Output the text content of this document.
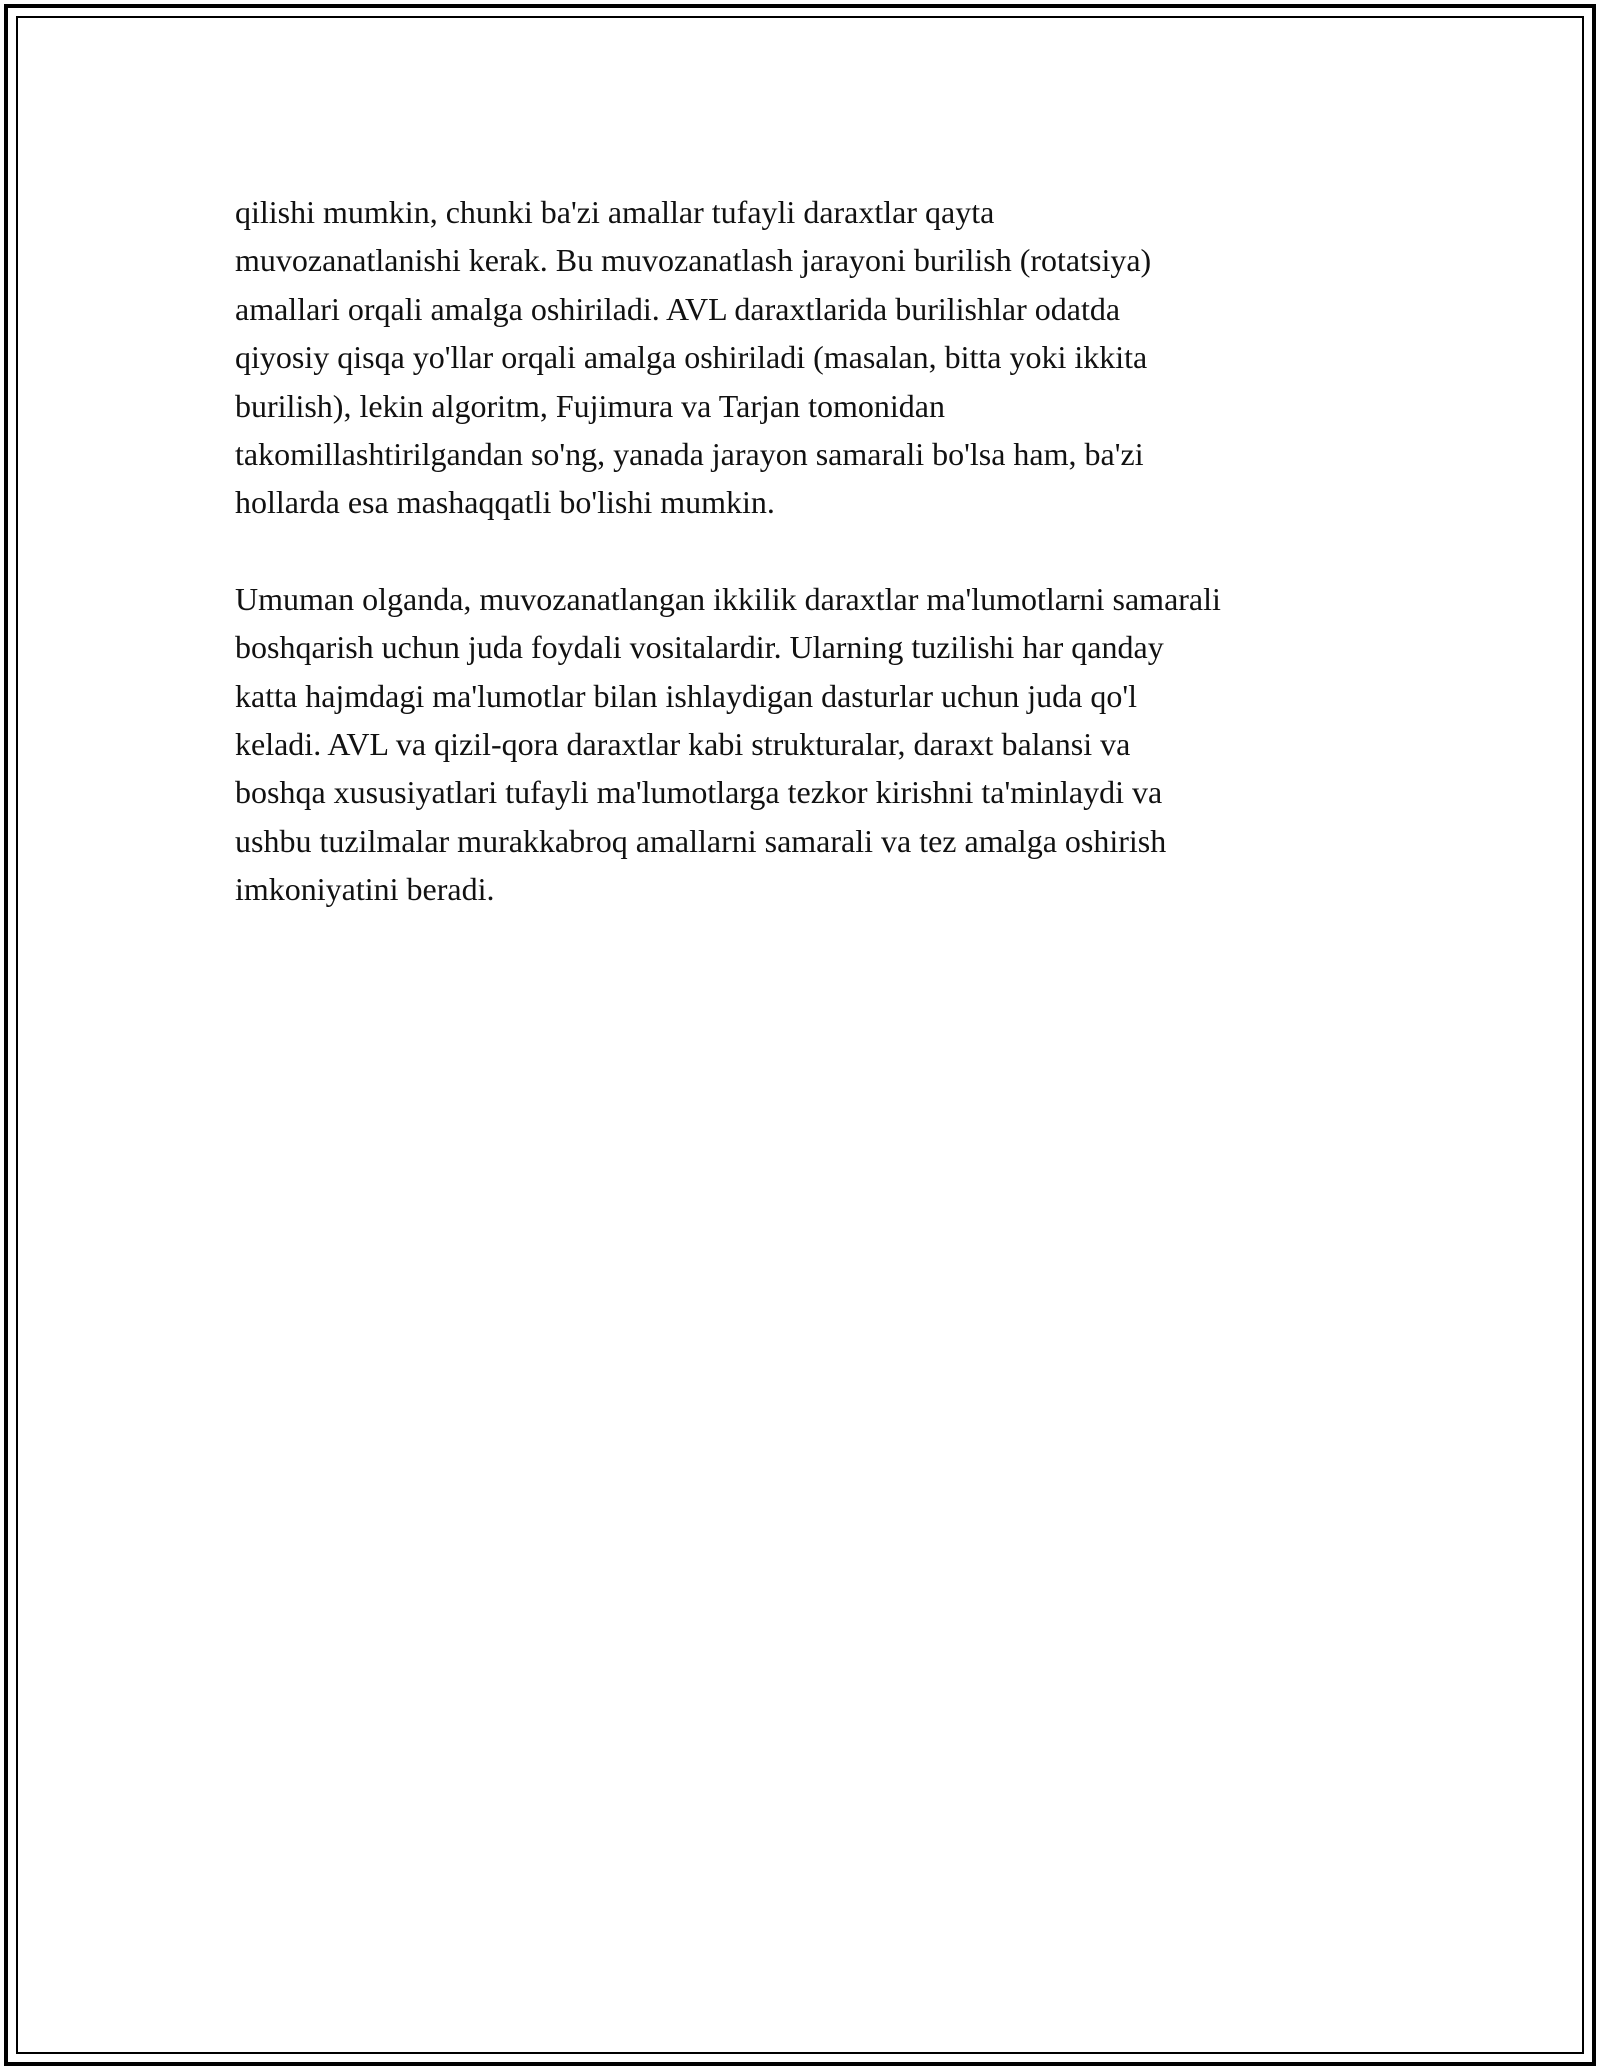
qilishi mumkin, chunki ba'zi amallar tufayli daraxtlar qayta
muvozanatlanishi kerak. Bu muvozanatlash jarayoni burilish (rotatsiya)
amallari orqali amalga oshiriladi. AVL daraxtlarida burilishlar odatda
qiyosiy qisqa yo'llar orqali amalga oshiriladi (masalan, bitta yoki ikkita
burilish), lekin algoritm, Fujimura va Tarjan tomonidan
takomillashtirilgandan so'ng, yanada jarayon samarali bo'lsa ham, ba'zi
hollarda esa mashaqqatli bo'lishi mumkin.

Umuman olganda, muvozanatlangan ikkilik daraxtlar ma'lumotlarni samarali
boshqarish uchun juda foydali vositalardir. Ularning tuzilishi har qanday
katta hajmdagi ma'lumotlar bilan ishlaydigan dasturlar uchun juda qo'l
keladi. AVL va qizil-qora daraxtlar kabi strukturalar, daraxt balansi va
boshqa xususiyatlari tufayli ma'lumotlarga tezkor kirishni ta'minlaydi va
ushbu tuzilmalar murakkabroq amallarni samarali va tez amalga oshirish
imkoniyatini beradi.
